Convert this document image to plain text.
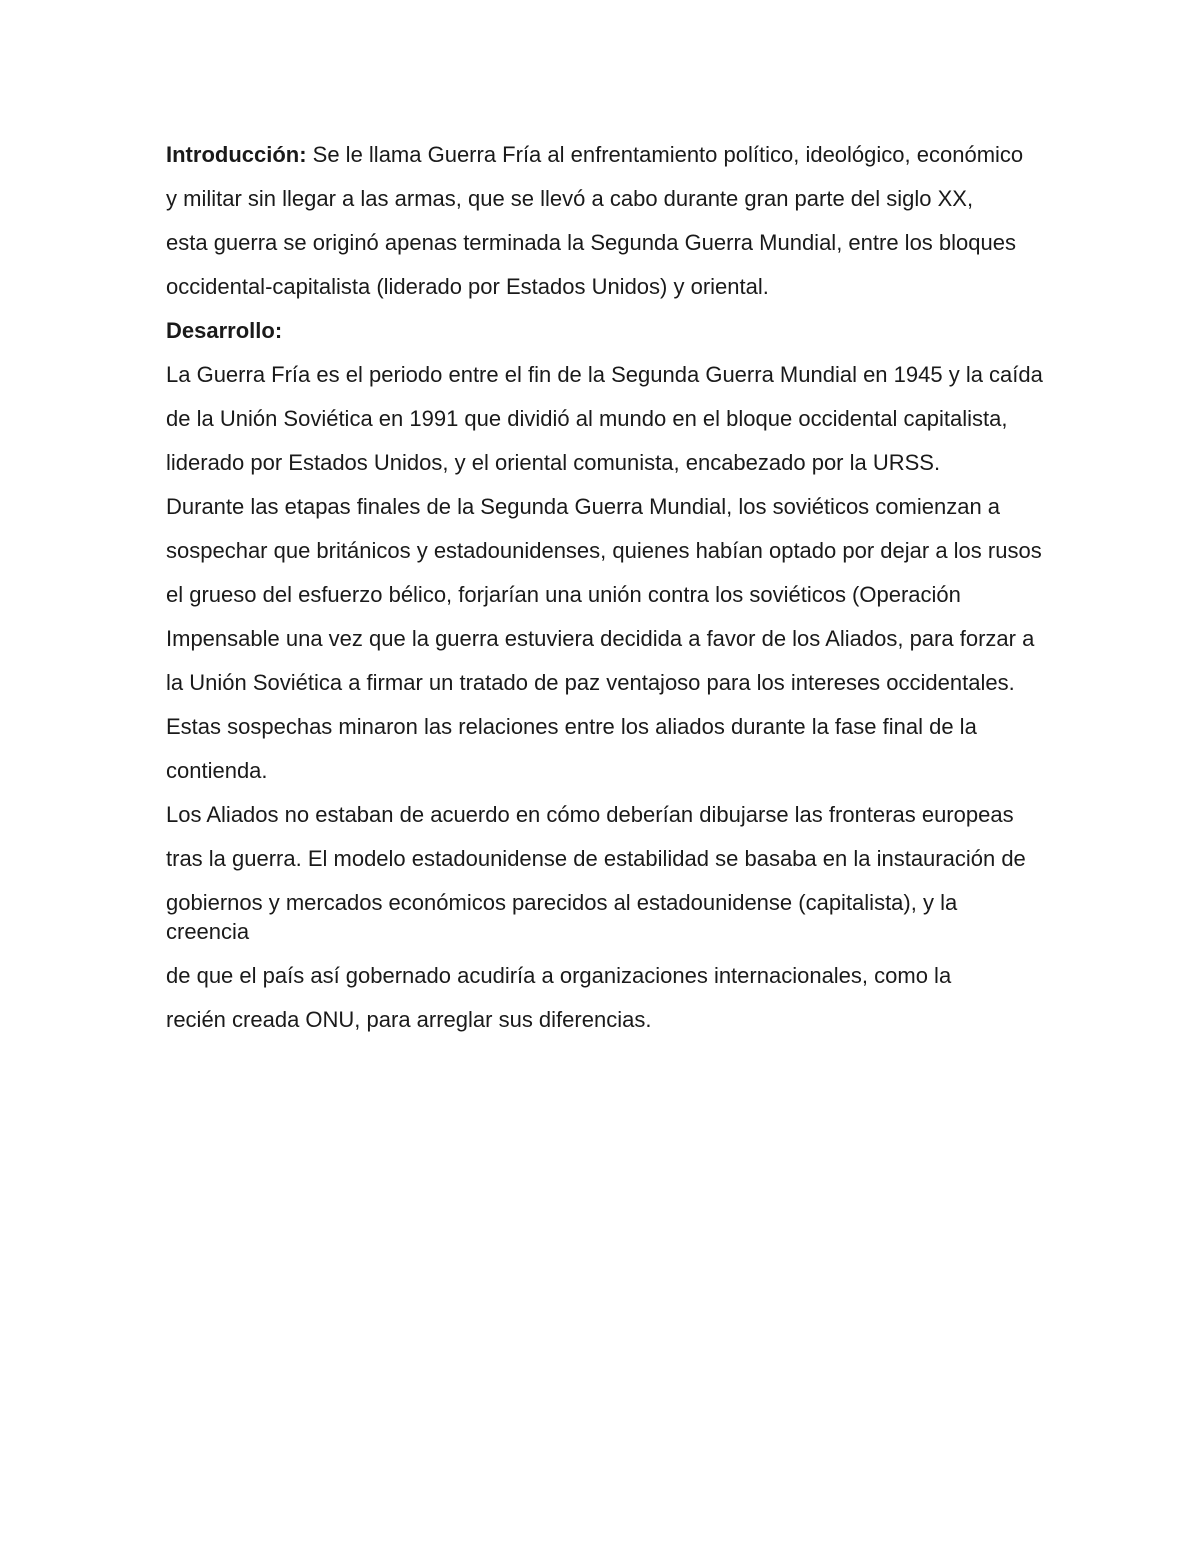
Introducción: Se le llama Guerra Fría al enfrentamiento político, ideológico, económico

y militar sin llegar a las armas, que se llevó a cabo durante gran parte del siglo XX,

esta guerra se originó apenas terminada la Segunda Guerra Mundial, entre los bloques

occidental-capitalista (liderado por Estados Unidos) y oriental.

Desarrollo:

La Guerra Fría es el periodo entre el fin de la Segunda Guerra Mundial en 1945 y la caída

de la Unión Soviética en 1991 que dividió al mundo en el bloque occidental capitalista,

liderado por Estados Unidos, y el oriental comunista, encabezado por la URSS.

Durante las etapas finales de la Segunda Guerra Mundial, los soviéticos comienzan a

sospechar que británicos y estadounidenses, quienes habían optado por dejar a los rusos

el grueso del esfuerzo bélico, forjarían una unión contra los soviéticos (Operación

Impensable una vez que la guerra estuviera decidida a favor de los Aliados, para forzar a

la Unión Soviética a firmar un tratado de paz ventajoso para los intereses occidentales.

Estas sospechas minaron las relaciones entre los aliados durante la fase final de la

contienda.

Los Aliados no estaban de acuerdo en cómo deberían dibujarse las fronteras europeas

tras la guerra. El modelo estadounidense de estabilidad se basaba en la instauración de

gobiernos y mercados económicos parecidos al estadounidense (capitalista), y la creencia

de que el país así gobernado acudiría a organizaciones internacionales, como la

recién creada ONU, para arreglar sus diferencias.
